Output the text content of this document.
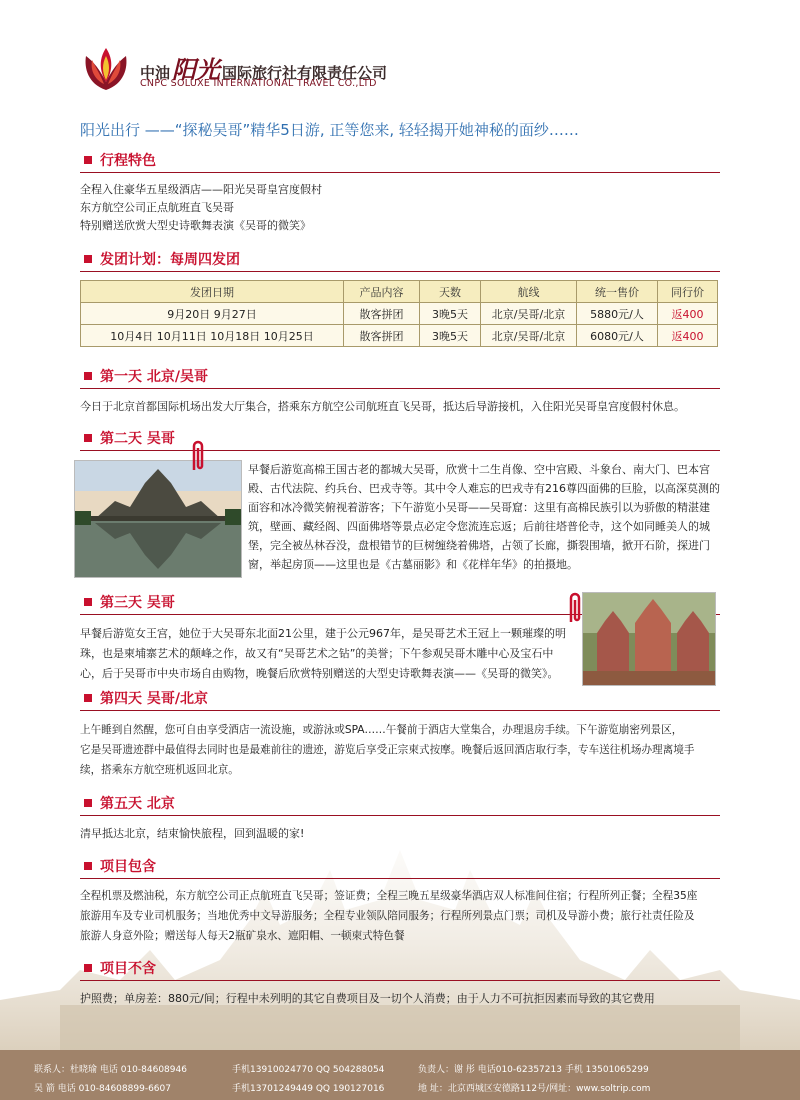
中油阳光 国际旅行社有限责任公司
CNPC SOLUXE INTERNATIONAL TRAVEL CO.,LTD
阳光出行 ——“探秘吴哥”精华5日游, 正等您来, 轻轻揭开她神秘的面纱……
行程特色
全程入住豪华五星级酒店——阳光吴哥皇宫度假村
东方航空公司正点航班直飞吴哥
特别赠送欣赏大型史诗歌舞表演《吴哥的微笑》
发团计划：每周四发团
发团日期	产品内容	天数	航线	统一售价	同行价
9月20日 9月27日	散客拼团	3晚5天	北京/吴哥/北京	5880元/人	返400
10月4日 10月11日 10月18日 10月25日	散客拼团	3晚5天	北京/吴哥/北京	6080元/人	返400
第一天 北京/吴哥
今日于北京首都国际机场出发大厅集合，搭乘东方航空公司航班直飞吴哥，抵达后导游接机，入住阳光吴哥皇宫度假村休息。
第二天 吴哥
早餐后游览高棉王国古老的都城大吴哥，欣赏十二生肖像、空中宫殿、斗象台、南大门、巴本宫
殿、古代法院、约兵台、巴戎寺等。其中令人难忘的巴戎寺有216尊四面佛的巨脸，以高深莫测的
面容和冰冷微笑俯视着游客；下午游览小吴哥——吴哥窟：这里有高棉民族引以为骄傲的精湛建
筑，壁画、藏经阁、四面佛塔等景点必定令您流连忘返；后前往塔普伦寺，这个如同睡美人的城
堡，完全被丛林吞没，盘根错节的巨树缠绕着佛塔，占领了长廊，撕裂围墙，掀开石阶，探进门
窗，举起房顶——这里也是《古墓丽影》和《花样年华》的拍摄地。
第三天 吴哥
早餐后游览女王宫，她位于大吴哥东北面21公里，建于公元967年，是吴哥艺术王冠上一颗璀璨的明
珠，也是柬埔寨艺术的颠峰之作，故又有“吴哥艺术之钻”的美誉；下午参观吴哥木雕中心及宝石中
心，后于吴哥市中央市场自由购物，晚餐后欣赏特别赠送的大型史诗歌舞表演——《吴哥的微笑》。
第四天 吴哥/北京
上午睡到自然醒，您可自由享受酒店一流设施，或游泳或SPA……午餐前于酒店大堂集合，办理退房手续。下午游览崩密列景区，
它是吴哥遗迹群中最值得去同时也是最难前往的遗迹，游览后享受正宗柬式按摩。晚餐后返回酒店取行李，专车送往机场办理离境手
续，搭乘东方航空班机返回北京。
第五天 北京
清早抵达北京，结束愉快旅程，回到温暖的家!
项目包含
全程机票及燃油税，东方航空公司正点航班直飞吴哥；签证费；全程三晚五星级豪华酒店双人标准间住宿；行程所列正餐；全程35座
旅游用车及专业司机服务；当地优秀中文导游服务；全程专业领队陪同服务；行程所列景点门票；司机及导游小费；旅行社责任险及
旅游人身意外险；赠送每人每天2瓶矿泉水、遮阳帽、一顿柬式特色餐
项目不含
护照费；单房差：880元/间；行程中未列明的其它自费项目及一切个人消费；由于人力不可抗拒因素而导致的其它费用
联系人：杜晓瑜 电话 010-84608946	手机13910024770 QQ 504288054	负责人：谢 彤 电话010-62357213 手机 13501065299
吴 箭 电话 010-84608899-6607	手机13701249449 QQ 190127016	地 址：北京西城区安德路112号/网址：www.soltrip.com
